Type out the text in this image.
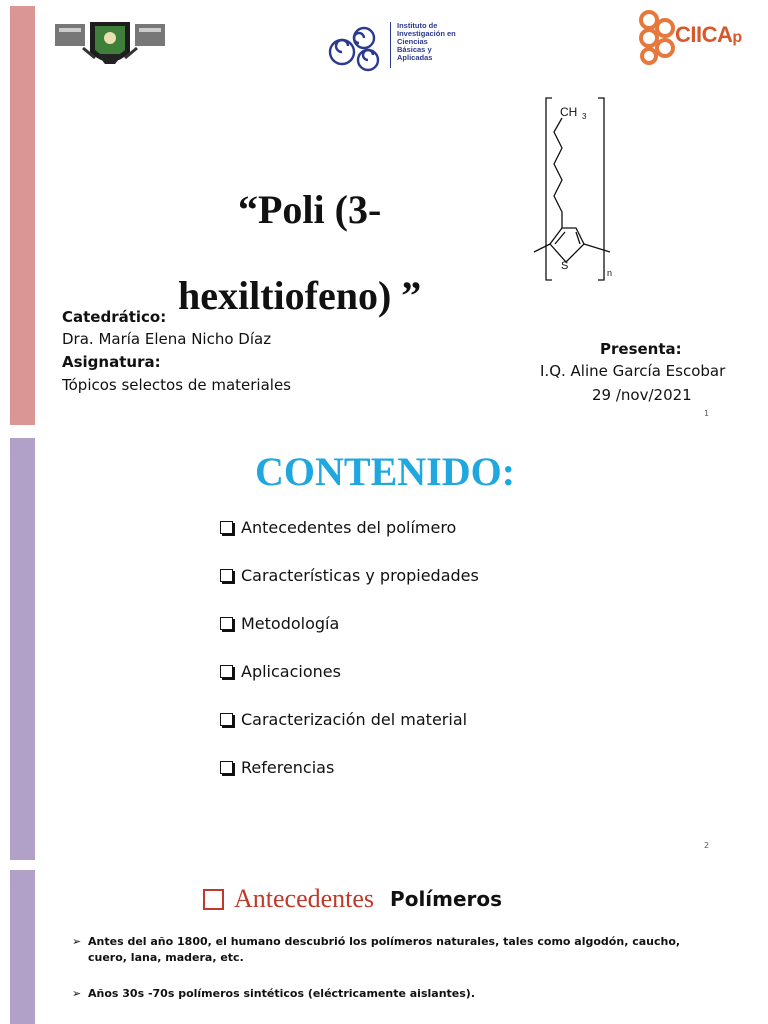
Instituto de
Investigación en
Ciencias
Básicas y
Aplicadas
CIICAp
“Poli (3-
hexiltiofeno) ”
CH 3
S
n
Catedrático:
Dra. María Elena Nicho Díaz
Asignatura:
Tópicos selectos de materiales
Presenta:
I.Q. Aline García Escobar
29 /nov/2021
1
CONTENIDO:
Antecedentes del polímero
Características y propiedades
Metodología
Aplicaciones
Caracterización del material
Referencias
2
Antecedentes Polímeros
➢ Antes del año 1800, el humano descubrió los polímeros naturales, tales como algodón, caucho, cuero, lana, madera, etc.
➢ Años 30s -70s polímeros sintéticos (eléctricamente aislantes).
